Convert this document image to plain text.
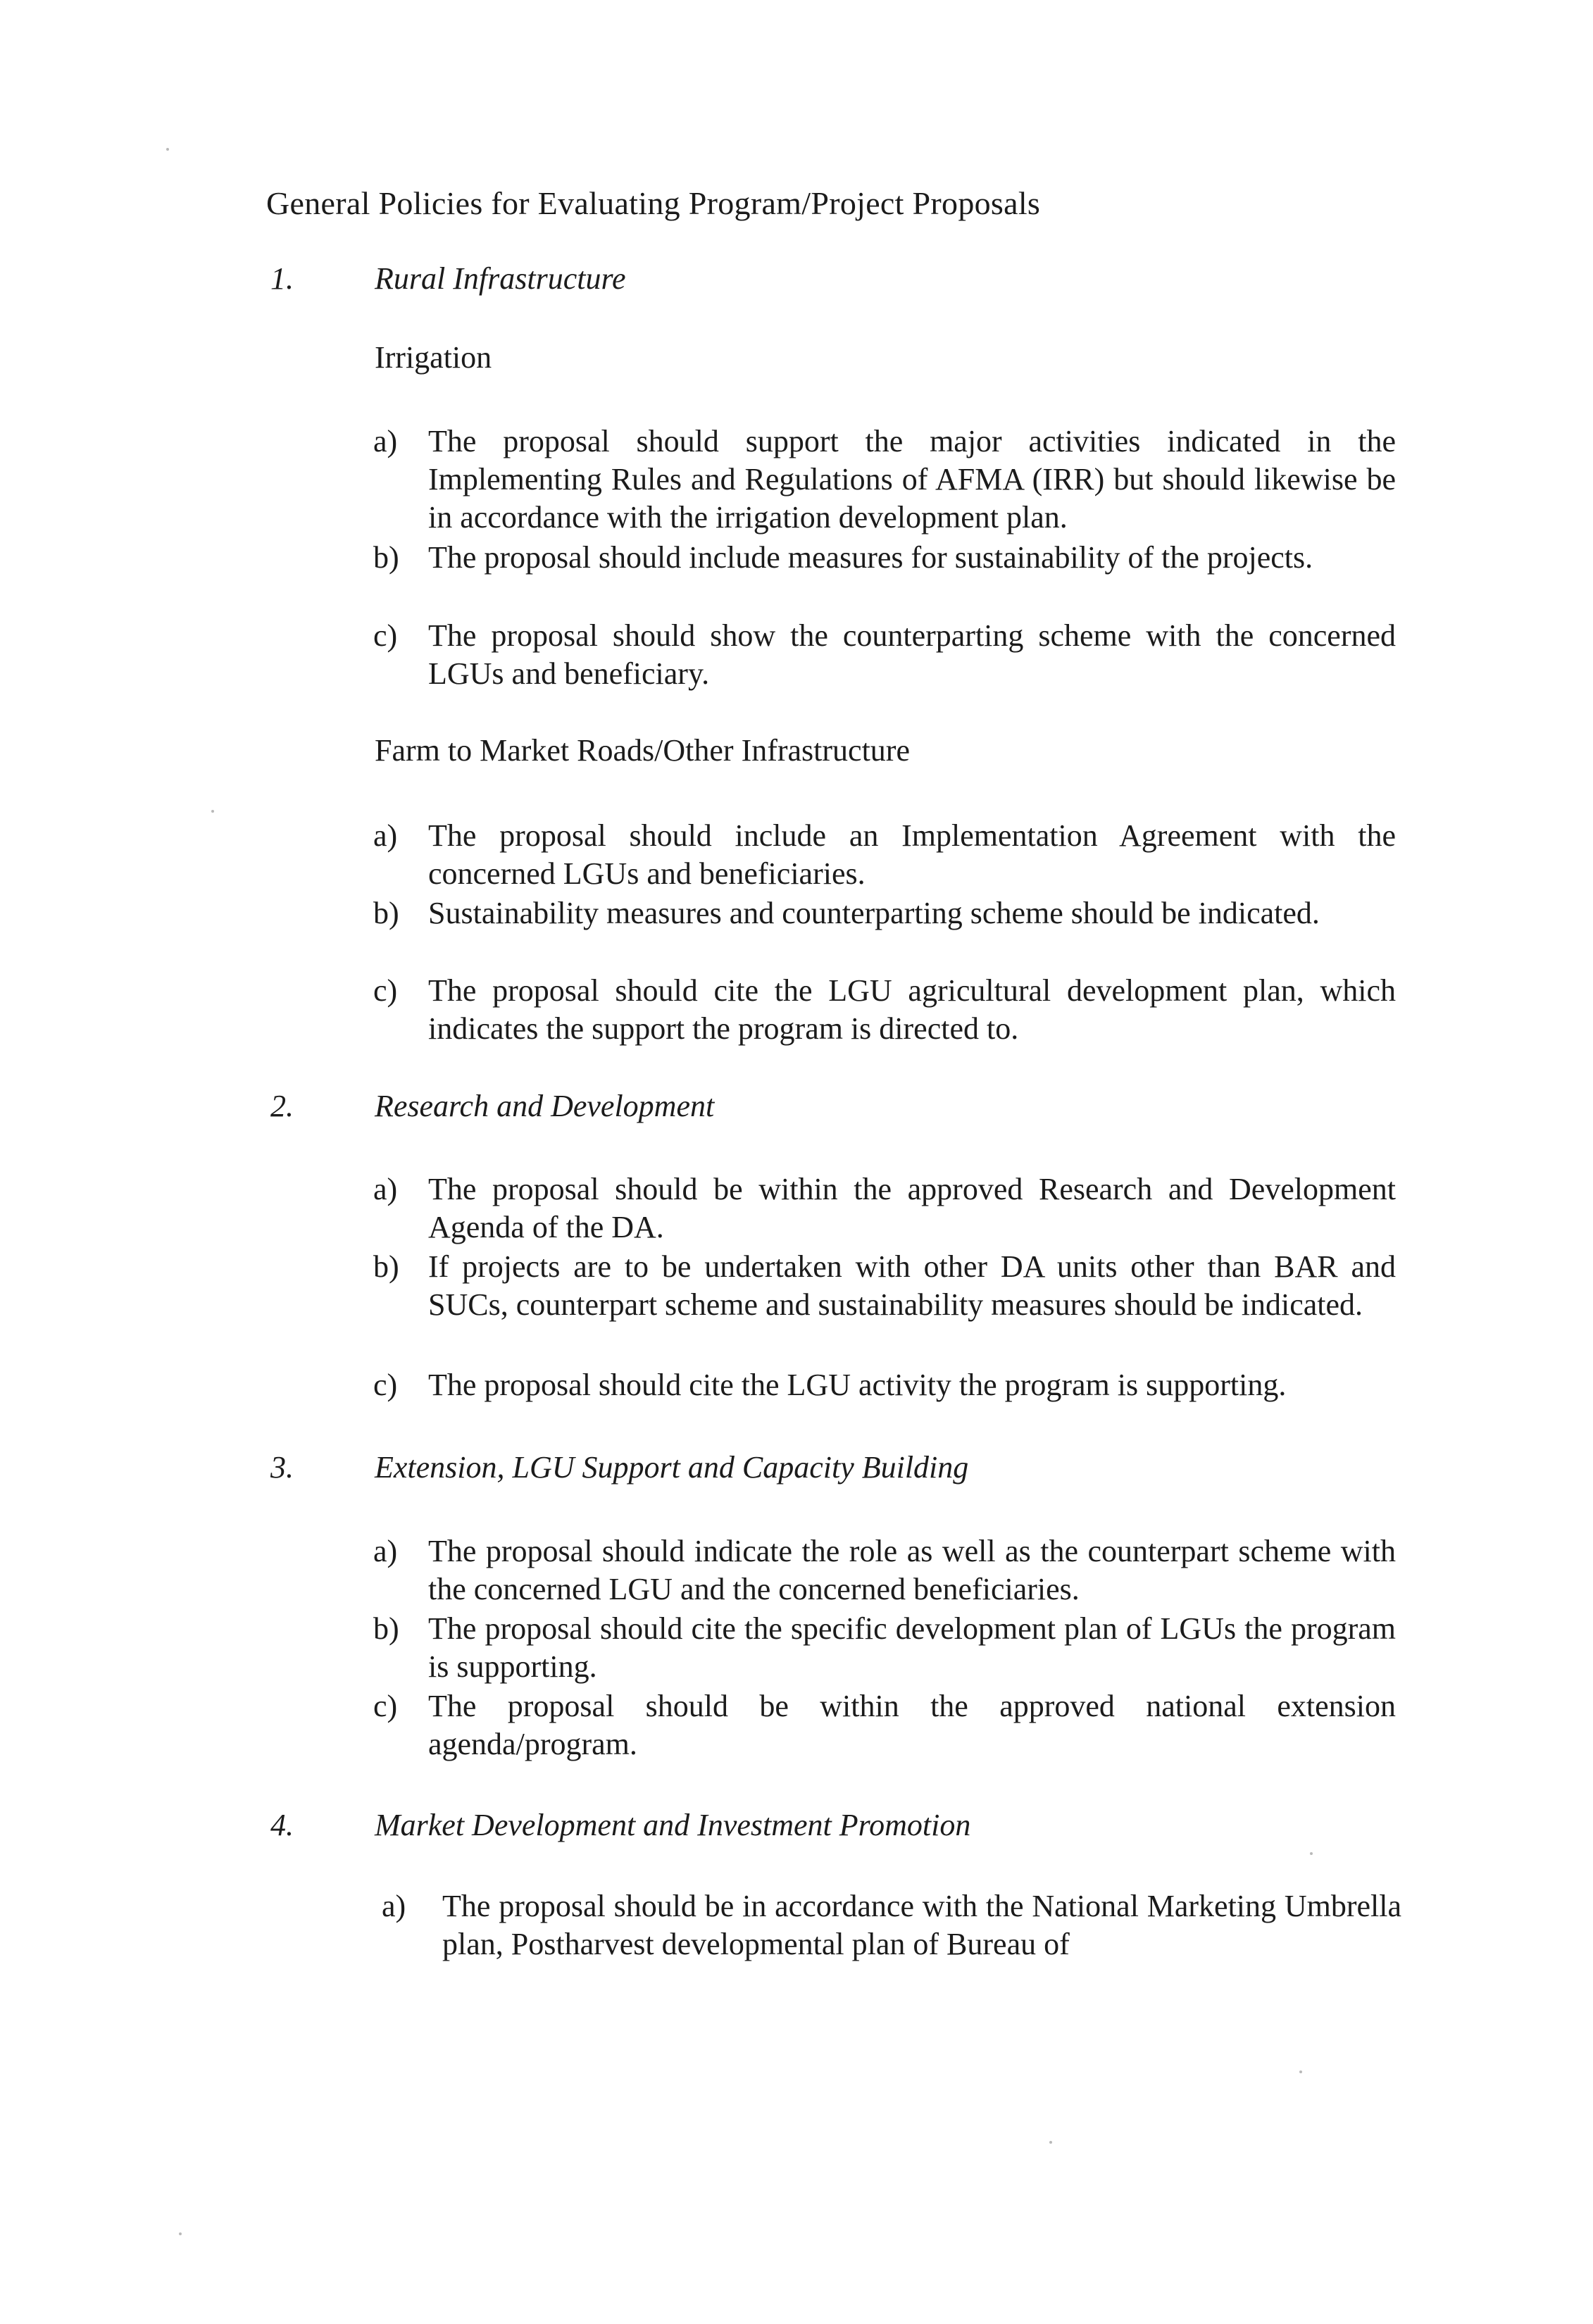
General Policies for Evaluating Program/Project Proposals
1.	Rural Infrastructure
Irrigation
a) The proposal should support the major activities indicated in the Implementing Rules and Regulations of AFMA (IRR) but should likewise be in accordance with the irrigation development plan.
b) The proposal should include measures for sustainability of the projects.
c) The proposal should show the counterparting scheme with the concerned LGUs and beneficiary.
Farm to Market Roads/Other Infrastructure
a) The proposal should include an Implementation Agreement with the concerned LGUs and beneficiaries.
b) Sustainability measures and counterparting scheme should be indicated.
c) The proposal should cite the LGU agricultural development plan, which indicates the support the program is directed to.
2.	Research and Development
a) The proposal should be within the approved Research and Development Agenda of the DA.
b) If projects are to be undertaken with other DA units other than BAR and SUCs, counterpart scheme and sustainability measures should be indicated.
c) The proposal should cite the LGU activity the program is supporting.
3.	Extension, LGU Support and Capacity Building
a) The proposal should indicate the role as well as the counterpart scheme with the concerned LGU and the concerned beneficiaries.
b) The proposal should cite the specific development plan of LGUs the program is supporting.
c) The proposal should be within the approved national extension agenda/program.
4.	Market Development and Investment Promotion
a) The proposal should be in accordance with the National Marketing Umbrella plan, Postharvest developmental plan of Bureau of
